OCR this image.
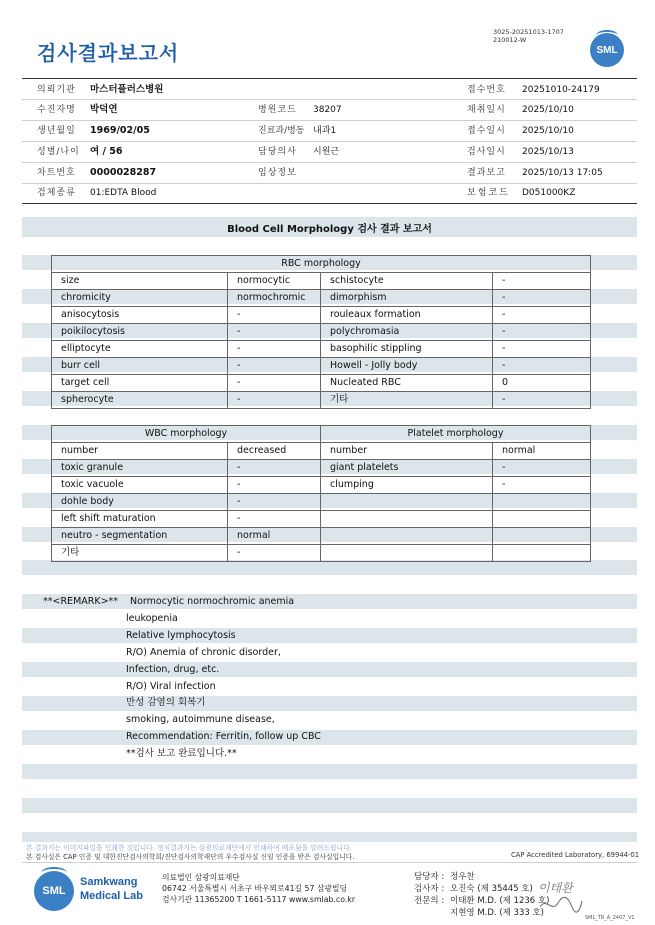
검사결과보고서
3025-20251013-1707
210012-W
SML
의뢰기관 마스터플러스병원	접수번호 20251010-24179
수진자명 박덕연	병원코드 38207	채취일시 2025/10/10
생년월일 1969/02/05	진료과/병동 내과1	접수일시 2025/10/10
성별/나이 여 / 56	담당의사 시원근	검사일시 2025/10/13
차트번호 0000028287	임상정보	결과보고 2025/10/13 17:05
검체종류 01:EDTA Blood	보험코드 D051000KZ
Blood Cell Morphology 검사 결과 보고서
RBC morphology			
size	normocytic	schistocyte	-
chromicity	normochromic	dimorphism	-
anisocytosis	-	rouleaux formation	-
poikilocytosis	-	polychromasia	-
elliptocyte	-	basophilic stippling	-
burr cell	-	Howell - Jolly body	-
target cell	-	Nucleated RBC	0
spherocyte	-	기타	-
WBC morphology		Platelet morphology	
number	decreased	number	normal
toxic granule	-	giant platelets	-
toxic vacuole	-	clumping	-
dohle body	-		
left shift maturation	-		
neutro - segmentation	normal		
기타	-		
**<REMARK>** Normocytic normochromic anemia
leukopenia
Relative lymphocytosis
R/O) Anemia of chronic disorder,
Infection, drug, etc.
R/O) Viral infection
만성 감염의 회복기
smoking, autoimmune disease,
Recommendation: Ferritin, follow up CBC
**검사 보고 완료입니다.**
본 결과지는 이미지파일을 인쇄한 것입니다. 정식결과지는 삼광의료재단에서 인쇄하여 배포됨을 알려드립니다.
본 검사실은 CAP 인증 및 대한진단검사의학회/진단검사의학재단의 우수검사실 신임 인증을 받은 검사실입니다.	CAP Accredited Laboratory, 69944-01
SML
Samkwang
Medical Lab
의료법인 삼광의료재단
06742 서울특별시 서초구 바우뫼로41길 57 삼광빌딩
검사기관 11365200 T 1661-5117 www.smlab.co.kr
담당자 : 정우찬
검사자 : 오진숙 (제 35445 호)
전문의 : 이태환 M.D. (제 1236 호)
지현영 M.D. (제 333 호)
이태환
SML_TR_A_2407_V1
